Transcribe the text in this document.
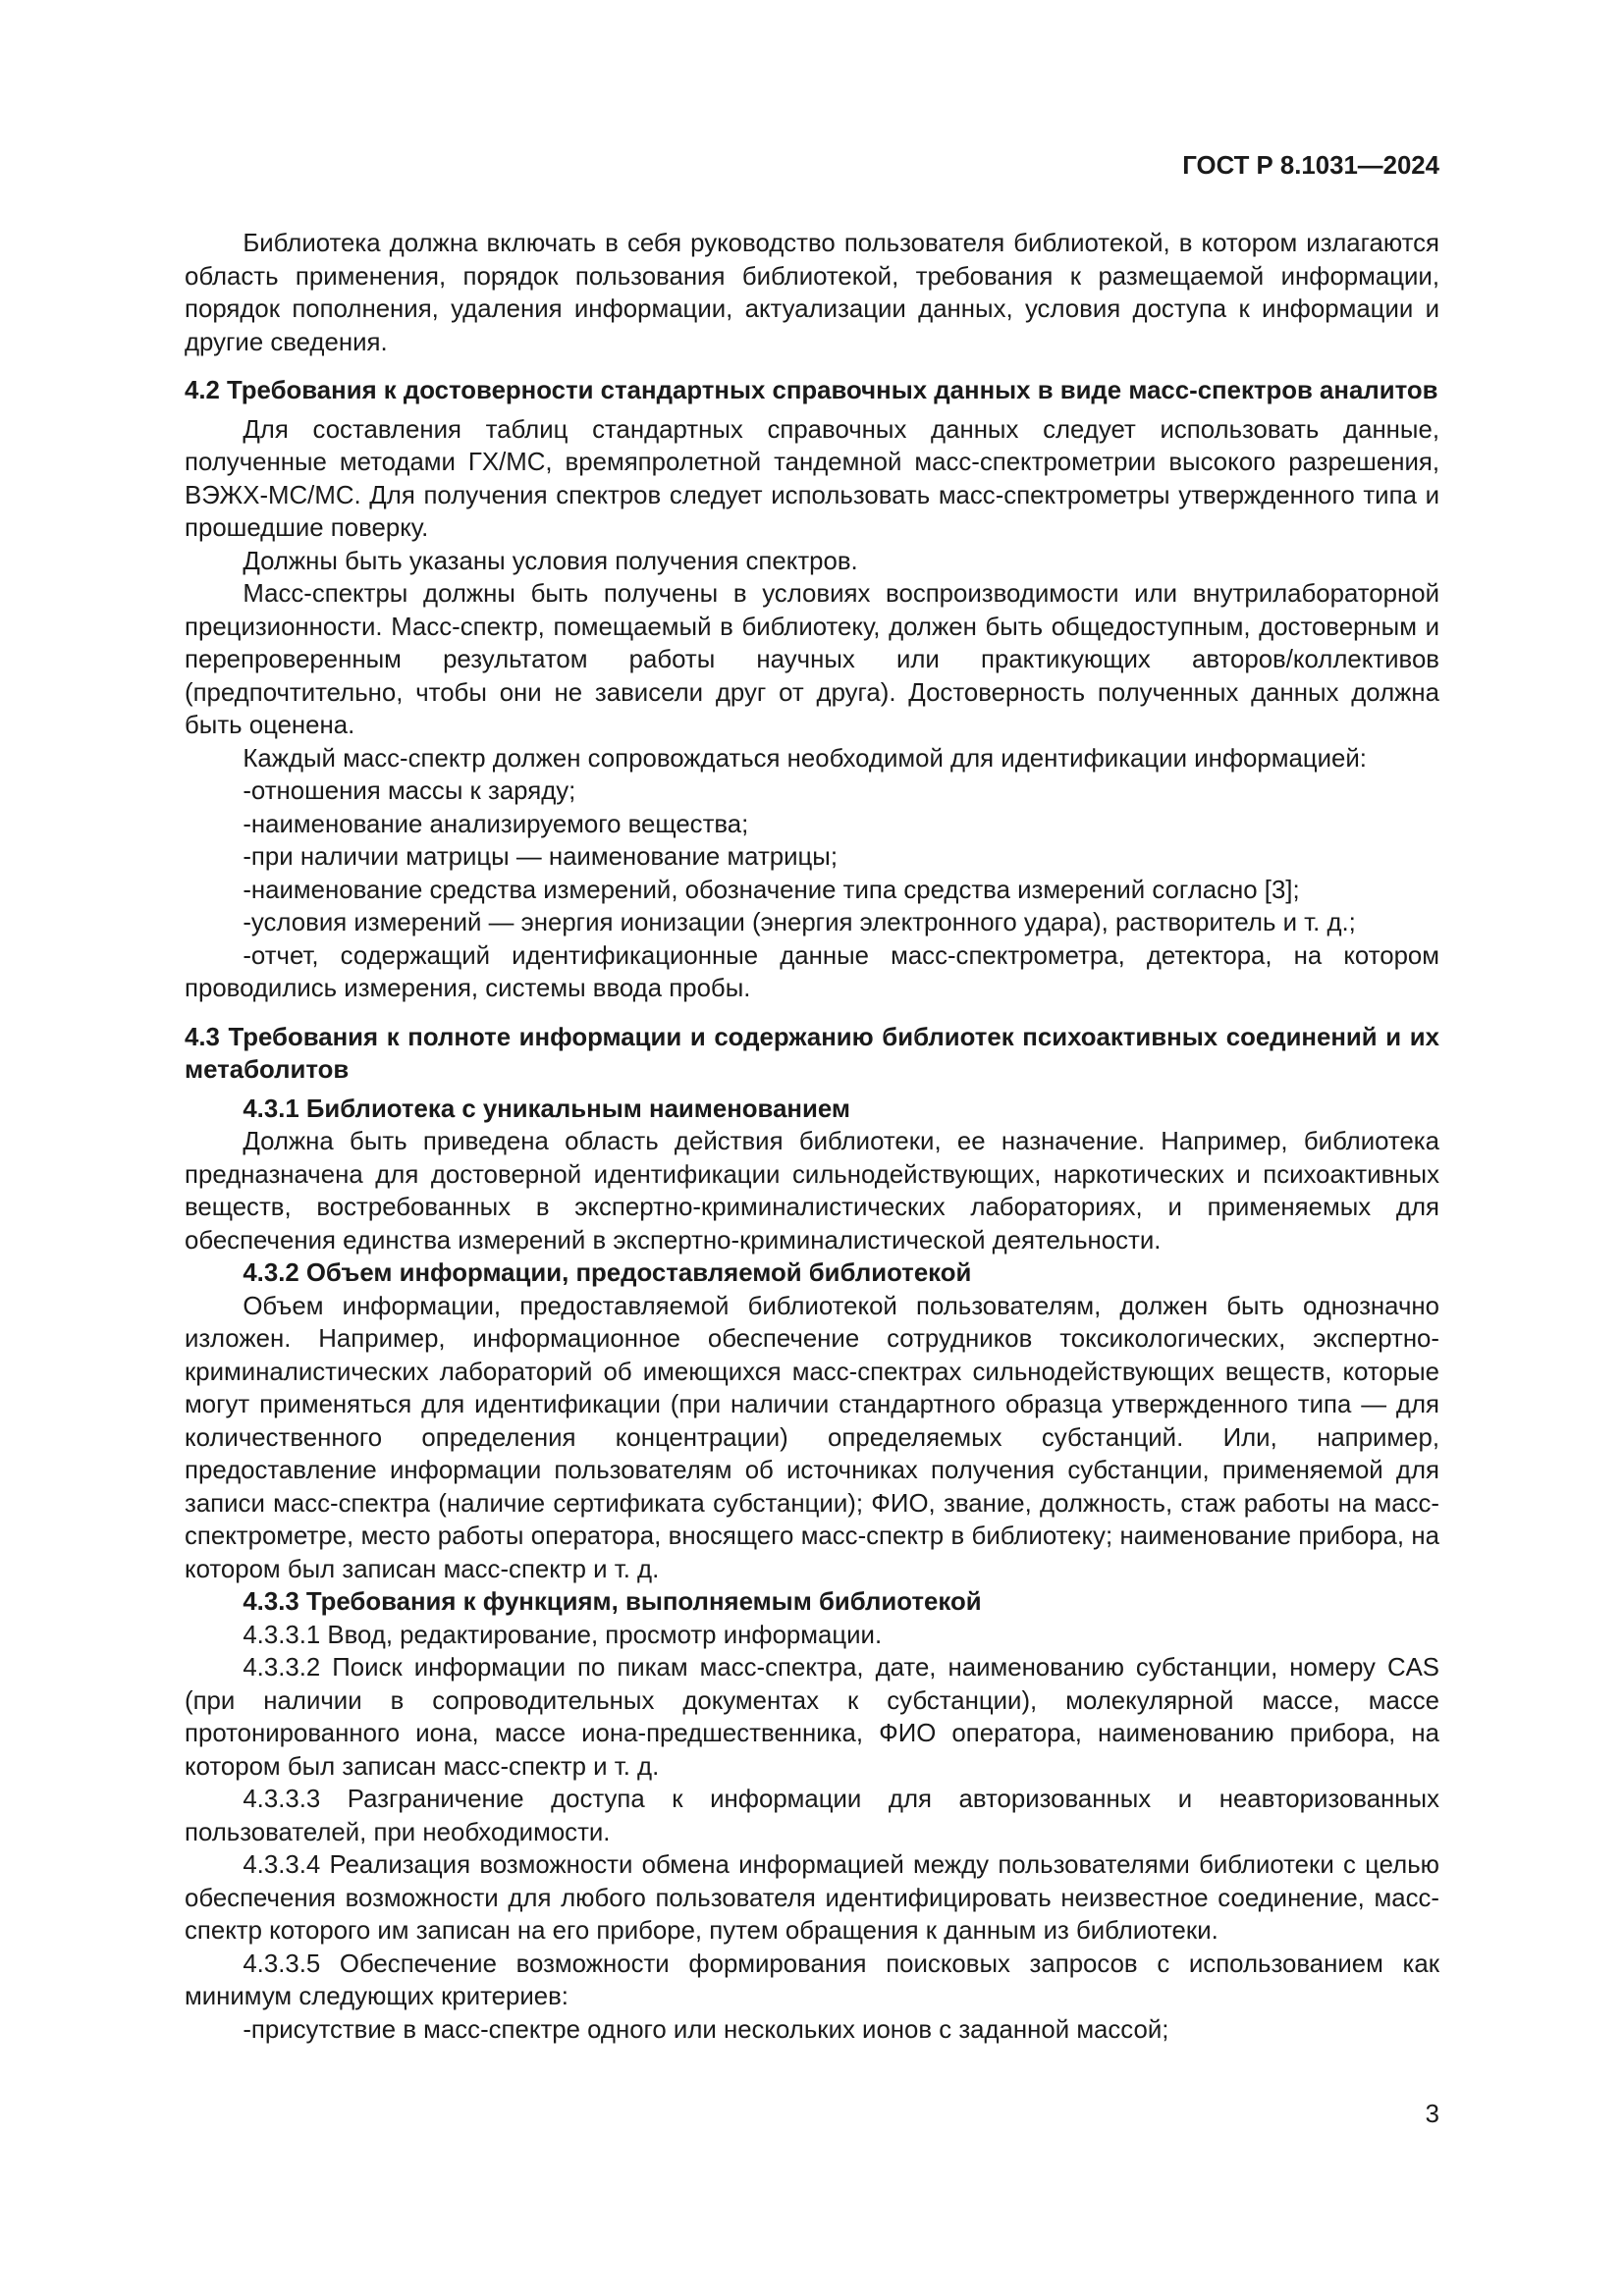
ГОСТ Р 8.1031—2024

Библиотека должна включать в себя руководство пользователя библиотекой, в котором излагаются область применения, порядок пользования библиотекой, требования к размещаемой информации, порядок пополнения, удаления информации, актуализации данных, условия доступа к информации и другие сведения.

4.2 Требования к достоверности стандартных справочных данных в виде масс-спектров аналитов

Для составления таблиц стандартных справочных данных следует использовать данные, полученные методами ГХ/МС, времяпролетной тандемной масс-спектрометрии высокого разрешения, ВЭЖХ-МС/МС. Для получения спектров следует использовать масс-спектрометры утвержденного типа и прошедшие поверку.

Должны быть указаны условия получения спектров.

Масс-спектры должны быть получены в условиях воспроизводимости или внутрилабораторной прецизионности. Масс-спектр, помещаемый в библиотеку, должен быть общедоступным, достоверным и перепроверенным результатом работы научных или практикующих авторов/коллективов (предпочтительно, чтобы они не зависели друг от друга). Достоверность полученных данных должна быть оценена.

Каждый масс-спектр должен сопровождаться необходимой для идентификации информацией:

-отношения массы к заряду;

-наименование анализируемого вещества;

-при наличии матрицы — наименование матрицы;

-наименование средства измерений, обозначение типа средства измерений согласно [3];

-условия измерений — энергия ионизации (энергия электронного удара), растворитель и т. д.;

-отчет, содержащий идентификационные данные масс-спектрометра, детектора, на котором проводились измерения, системы ввода пробы.

4.3 Требования к полноте информации и содержанию библиотек психоактивных соединений и их метаболитов

4.3.1 Библиотека с уникальным наименованием

Должна быть приведена область действия библиотеки, ее назначение. Например, библиотека предназначена для достоверной идентификации сильнодействующих, наркотических и психоактивных веществ, востребованных в экспертно-криминалистических лабораториях, и применяемых для обеспечения единства измерений в экспертно-криминалистической деятельности.

4.3.2 Объем информации, предоставляемой библиотекой

Объем информации, предоставляемой библиотекой пользователям, должен быть однозначно изложен. Например, информационное обеспечение сотрудников токсикологических, экспертно-криминалистических лабораторий об имеющихся масс-спектрах сильнодействующих веществ, которые могут применяться для идентификации (при наличии стандартного образца утвержденного типа — для количественного определения концентрации) определяемых субстанций. Или, например, предоставление информации пользователям об источниках получения субстанции, применяемой для записи масс-спектра (наличие сертификата субстанции); ФИО, звание, должность, стаж работы на масс-спектрометре, место работы оператора, вносящего масс-спектр в библиотеку; наименование прибора, на котором был записан масс-спектр и т. д.

4.3.3 Требования к функциям, выполняемым библиотекой

4.3.3.1 Ввод, редактирование, просмотр информации.

4.3.3.2 Поиск информации по пикам масс-спектра, дате, наименованию субстанции, номеру CAS (при наличии в сопроводительных документах к субстанции), молекулярной массе, массе протонированного иона, массе иона-предшественника, ФИО оператора, наименованию прибора, на котором был записан масс-спектр и т. д.

4.3.3.3 Разграничение доступа к информации для авторизованных и неавторизованных пользователей, при необходимости.

4.3.3.4 Реализация возможности обмена информацией между пользователями библиотеки с целью обеспечения возможности для любого пользователя идентифицировать неизвестное соединение, масс-спектр которого им записан на его приборе, путем обращения к данным из библиотеки.

4.3.3.5 Обеспечение возможности формирования поисковых запросов с использованием как минимум следующих критериев:

-присутствие в масс-спектре одного или нескольких ионов с заданной массой;

3
